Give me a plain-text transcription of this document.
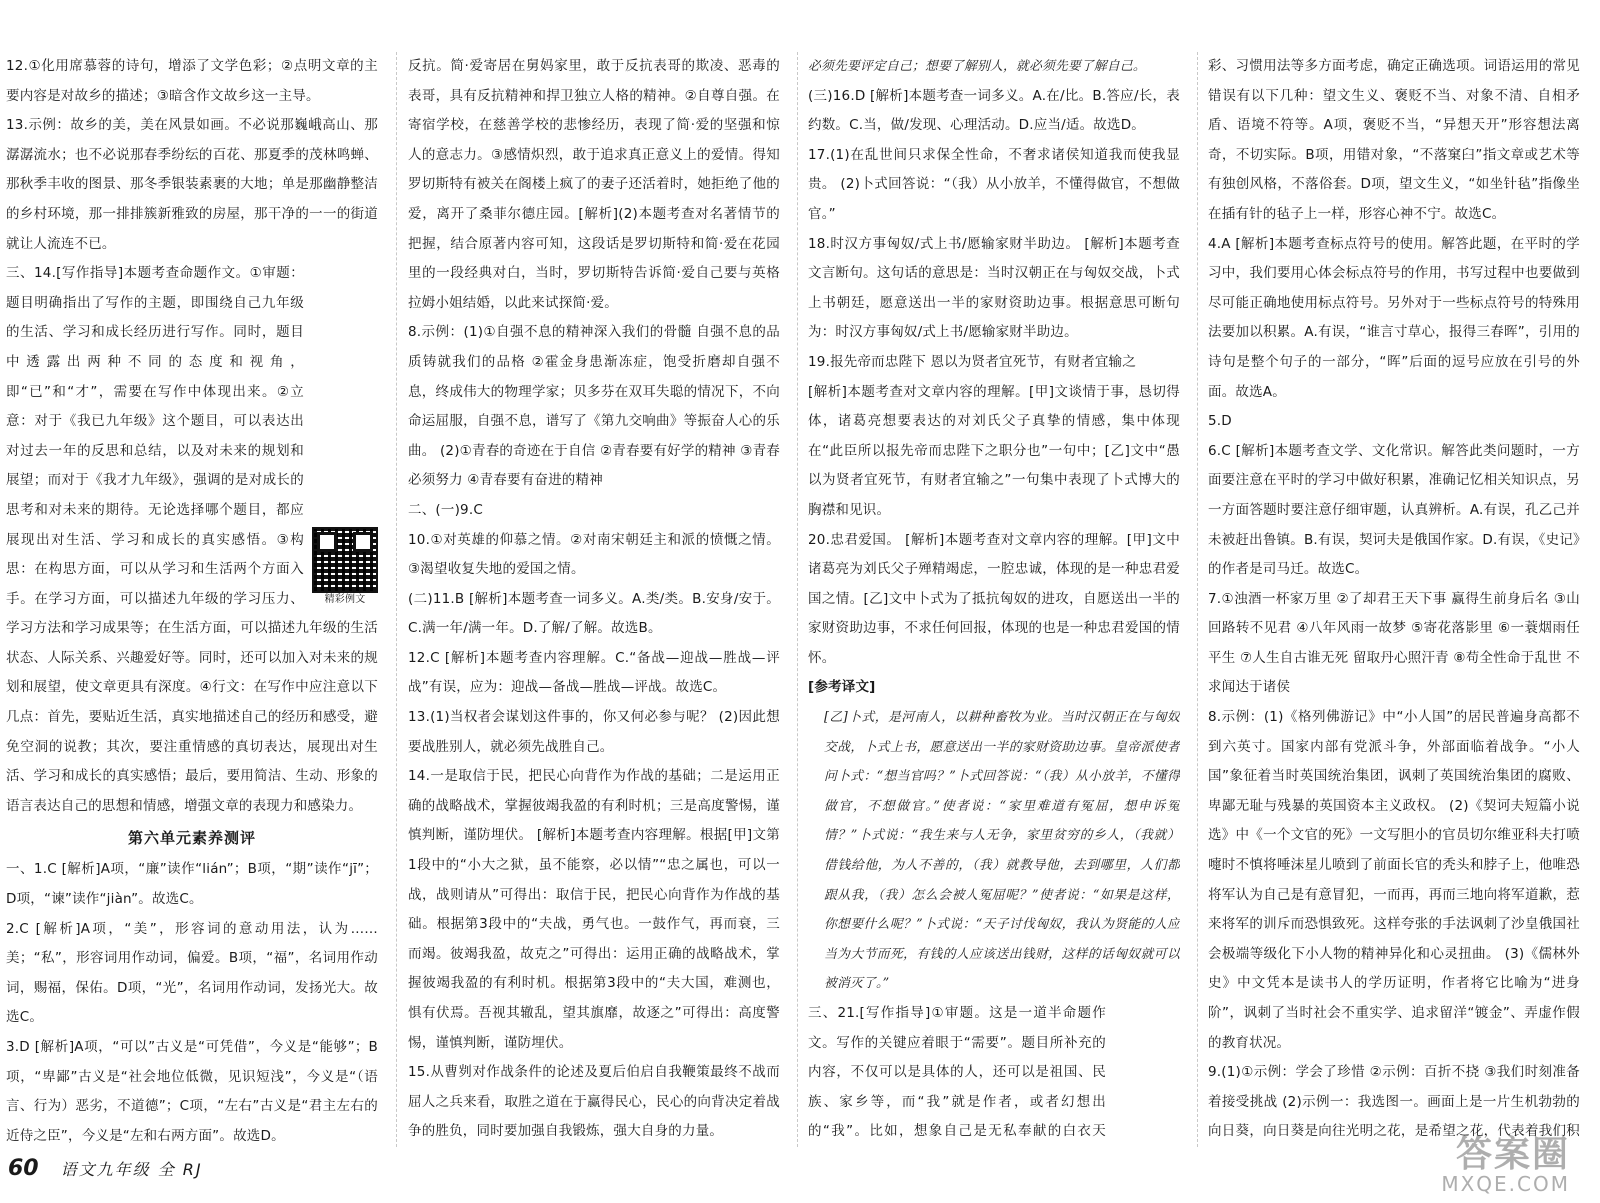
12.①化用席慕蓉的诗句，增添了文学色彩；②点明文章的主要内容是对故乡的描述；③暗含作文故乡这一主导。

13.示例：故乡的美，美在风景如画。不必说那巍峨高山、那潺潺流水；也不必说那春季纷纭的百花、那夏季的茂林鸣蝉、那秋季丰收的图景、那冬季银装素裹的大地；单是那幽静整洁的乡村环境，那一排排簇新雅致的房屋，那干净的一一的街道就让人流连不已。

精彩例文

三、14.[写作指导]本题考查命题作文。①审题：题目明确指出了写作的主题，即围绕自己九年级的生活、学习和成长经历进行写作。同时，题目中透露出两种不同的态度和视角，即“已”和“才”，需要在写作中体现出来。②立意：对于《我已九年级》这个题目，可以表达出对过去一年的反思和总结，以及对未来的规划和展望；而对于《我才九年级》，强调的是对成长的思考和对未来的期待。无论选择哪个题目，都应展现出对生活、学习和成长的真实感悟。③构思：在构思方面，可以从学习和生活两个方面入手。在学习方面，可以描述九年级的学习压力、学习方法和学习成果等；在生活方面，可以描述九年级的生活状态、人际关系、兴趣爱好等。同时，还可以加入对未来的规划和展望，使文章更具有深度。④行文：在写作中应注意以下几点：首先，要贴近生活，真实地描述自己的经历和感受，避免空洞的说教；其次，要注重情感的真切表达，展现出对生活、学习和成长的真实感悟；最后，要用简洁、生动、形象的语言表达自己的思想和情感，增强文章的表现力和感染力。

第六单元素养测评

一、1.C [解析]A项，“廉”读作“lián”；B项，“期”读作“jī”；D项，“谏”读作“jiàn”。故选C。

2.C [解析]A项，“美”，形容词的意动用法，认为……美；“私”，形容词用作动词，偏爱。B项，“福”，名词用作动词，赐福，保佑。D项，“光”，名词用作动词，发扬光大。故选C。

3.D [解析]A项，“可以”古义是“可凭借”，今义是“能够”；B项，“卑鄙”古义是“社会地位低微，见识短浅”，今义是“（语言、行为）恶劣，不道德”；C项，“左右”古义是“君主左右的近侍之臣”，今义是“左和右两方面”。故选D。

反抗。简·爱寄居在舅妈家里，敢于反抗表哥的欺凌、恶毒的表哥，具有反抗精神和捍卫独立人格的精神。②自尊自强。在寄宿学校，在慈善学校的悲惨经历，表现了简·爱的坚强和惊人的意志力。③感情炽烈，敢于追求真正意义上的爱情。得知罗切斯特有被关在阁楼上疯了的妻子还活着时，她拒绝了他的爱，离开了桑菲尔德庄园。[解析](2)本题考查对名著情节的把握，结合原著内容可知，这段话是罗切斯特和简·爱在花园里的一段经典对白，当时，罗切斯特告诉简·爱自己要与英格拉姆小姐结婚，以此来试探简·爱。

8.示例：(1)①自强不息的精神深入我们的骨髓 自强不息的品质铸就我们的品格 ②霍金身患渐冻症，饱受折磨却自强不息，终成伟大的物理学家；贝多芬在双耳失聪的情况下，不向命运屈服，自强不息，谱写了《第九交响曲》等振奋人心的乐曲。 (2)①青春的奇迹在于自信 ②青春要有好学的精神 ③青春必须努力 ④青春要有奋进的精神

二、(一)9.C

10.①对英雄的仰慕之情。②对南宋朝廷主和派的愤慨之情。③渴望收复失地的爱国之情。

(二)11.B [解析]本题考查一词多义。A.类/类。B.安身/安于。C.满一年/满一年。D.了解/了解。故选B。

12.C [解析]本题考查内容理解。C.“备战—迎战—胜战—评战”有误，应为：迎战—备战—胜战—评战。故选C。

13.(1)当权者会谋划这件事的，你又何必参与呢？ (2)因此想要战胜别人，就必须先战胜自己。

14.一是取信于民，把民心向背作为作战的基础；二是运用正确的战略战术，掌握彼竭我盈的有利时机；三是高度警惕，谨慎判断，谨防埋伏。 [解析]本题考查内容理解。根据[甲]文第1段中的“小大之狱，虽不能察，必以情”“忠之属也，可以一战，战则请从”可得出：取信于民，把民心向背作为作战的基础。根据第3段中的“夫战，勇气也。一鼓作气，再而衰，三而竭。彼竭我盈，故克之”可得出：运用正确的战略战术，掌握彼竭我盈的有利时机。根据第3段中的“夫大国，难测也，惧有伏焉。吾视其辙乱，望其旗靡，故逐之”可得出：高度警惕，谨慎判断，谨防埋伏。

15.从曹刿对作战条件的论述及夏后伯启自我鞭策最终不战而屈人之兵来看，取胜之道在于赢得民心，民心的向背决定着战争的胜负，同时要加强自我锻炼，强大自身的力量。

必须先要评定自己；想要了解别人，就必须先要了解自己。

(三)16.D [解析]本题考查一词多义。A.在/比。B.答应/长，表约数。C.当，做/发现、心理活动。D.应当/适。故选D。

17.(1)在乱世间只求保全性命，不奢求诸侯知道我而使我显贵。 (2)卜式回答说：“（我）从小放羊，不懂得做官，不想做官。”

18.时汉方事匈奴/式上书/愿输家财半助边。 [解析]本题考查文言断句。这句话的意思是：当时汉朝正在与匈奴交战，卜式上书朝廷，愿意送出一半的家财资助边事。根据意思可断句为：时汉方事匈奴/式上书/愿输家财半助边。

19.报先帝而忠陛下 恩以为贤者宜死节，有财者宜输之

[解析]本题考查对文章内容的理解。[甲]文谈情于事，恳切得体，诸葛亮想要表达的对刘氏父子真挚的情感，集中体现在“此臣所以报先帝而忠陛下之职分也”一句中；[乙]文中“愚以为贤者宜死节，有财者宜输之”一句集中表现了卜式博大的胸襟和见识。

20.忠君爱国。 [解析]本题考查对文章内容的理解。[甲]文中诸葛亮为刘氏父子殚精竭虑，一腔忠诚，体现的是一种忠君爱国之情。[乙]文中卜式为了抵抗匈奴的进攻，自愿送出一半的家财资助边事，不求任何回报，体现的也是一种忠君爱国的情怀。

[参考译文]

[乙]卜式，是河南人，以耕种畜牧为业。当时汉朝正在与匈奴交战，卜式上书，愿意送出一半的家财资助边事。皇帝派使者问卜式：“想当官吗？”卜式回答说：“（我）从小放羊，不懂得做官，不想做官。”使者说：“家里难道有冤屈，想申诉冤情？”卜式说：“我生来与人无争，家里贫穷的乡人，（我就）借钱给他，为人不善的，（我）就教导他，去到哪里，人们都跟从我，（我）怎么会被人冤屈呢？”使者说：“如果是这样，你想要什么呢？”卜式说：“天子讨伐匈奴，我认为贤能的人应当为大节而死，有钱的人应该送出钱财，这样的话匈奴就可以被消灭了。”

三、21.[写作指导]①审题。这是一道半命题作文。写作的关键应着眼于“需要”。题目所补充的内容，不仅可以是具体的人，还可以是祖国、民族、家乡等，而“我”就是作者，或者幻想出的“我”。比如，想象自己是无私奉献的白衣天

彩、习惯用法等多方面考虑，确定正确选项。词语运用的常见错误有以下几种：望文生义、褒贬不当、对象不清、自相矛盾、语境不符等。A项，褒贬不当，“异想天开”形容想法离奇，不切实际。B项，用错对象，“不落窠臼”指文章或艺术等有独创风格，不落俗套。D项，望文生义，“如坐针毡”指像坐在插有针的毡子上一样，形容心神不宁。故选C。

4.A [解析]本题考查标点符号的使用。解答此题，在平时的学习中，我们要用心体会标点符号的作用，书写过程中也要做到尽可能正确地使用标点符号。另外对于一些标点符号的特殊用法要加以积累。A.有误，“谁言寸草心，报得三春晖”，引用的诗句是整个句子的一部分，“晖”后面的逗号应放在引号的外面。故选A。

5.D

6.C [解析]本题考查文学、文化常识。解答此类问题时，一方面要注意在平时的学习中做好积累，准确记忆相关知识点，另一方面答题时要注意仔细审题，认真辨析。A.有误，孔乙己并未被赶出鲁镇。B.有误，契诃夫是俄国作家。D.有误，《史记》的作者是司马迁。故选C。

7.①浊酒一杯家万里 ②了却君王天下事 赢得生前身后名 ③山回路转不见君 ④八年风雨一故梦 ⑤寄花落影里 ⑥一蓑烟雨任平生 ⑦人生自古谁无死 留取丹心照汗青 ⑧苟全性命于乱世 不求闻达于诸侯

8.示例：(1)《格列佛游记》中“小人国”的居民普遍身高都不到六英寸。国家内部有党派斗争，外部面临着战争。“小人国”象征着当时英国统治集团，讽刺了英国统治集团的腐败、卑鄙无耻与残暴的英国资本主义政权。 (2)《契诃夫短篇小说选》中《一个文官的死》一文写胆小的官员切尔维亚科夫打喷嚏时不慎将唾沫星儿喷到了前面长官的秃头和脖子上，他唯恐将军认为自己是有意冒犯，一而再，再而三地向将军道歉，惹来将军的训斥而恐惧致死。这样夸张的手法讽刺了沙皇俄国社会极端等级化下小人物的精神异化和心灵扭曲。 (3)《儒林外史》中文凭本是读书人的学历证明，作者将它比喻为“进身阶”，讽刺了当时社会不重实学、追求留洋“镀金”、弄虚作假的教育状况。

9.(1)①示例：学会了珍惜 ②示例：百折不挠 ③我们时刻准备着接受挑战 (2)示例一：我选图一。画面上是一片生机勃勃的向日葵，向日葵是向往光明之花，是希望之花，代表着我们积

60 语文九年级 全 RJ	答案圈
MXQE.COM
